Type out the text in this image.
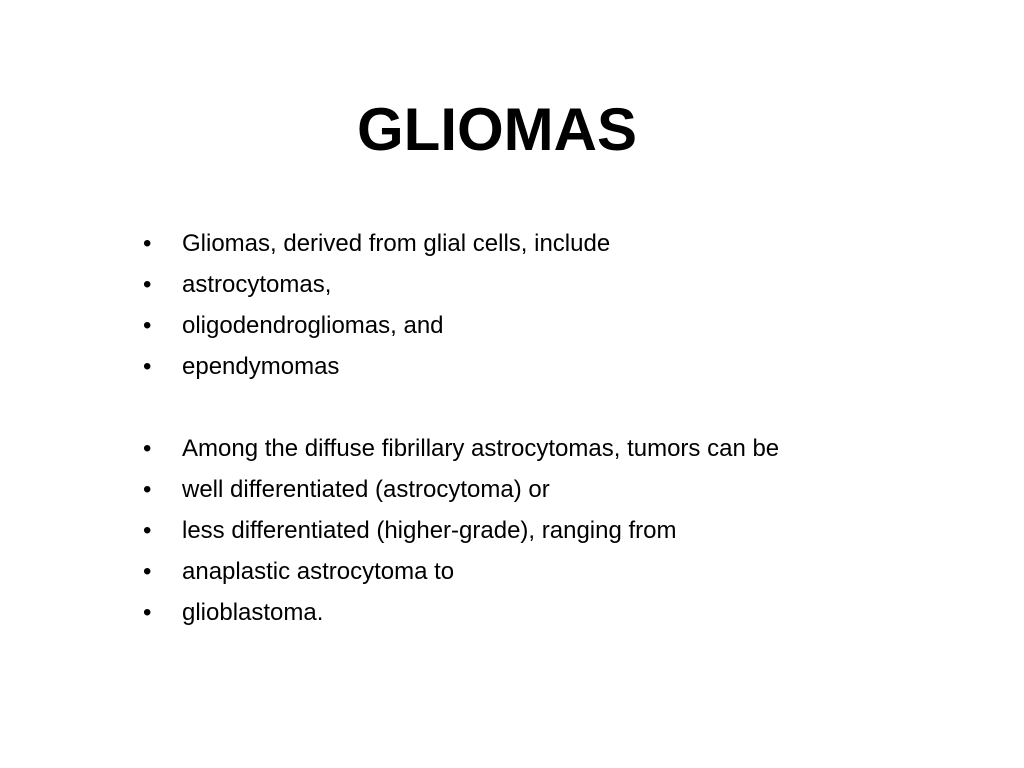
GLIOMAS
• Gliomas, derived from glial cells, include
• astrocytomas,
• oligodendrogliomas, and
• ependymomas
• Among the diffuse fibrillary astrocytomas, tumors can be
• well differentiated (astrocytoma) or
• less differentiated (higher-grade), ranging from
• anaplastic astrocytoma to
• glioblastoma.
